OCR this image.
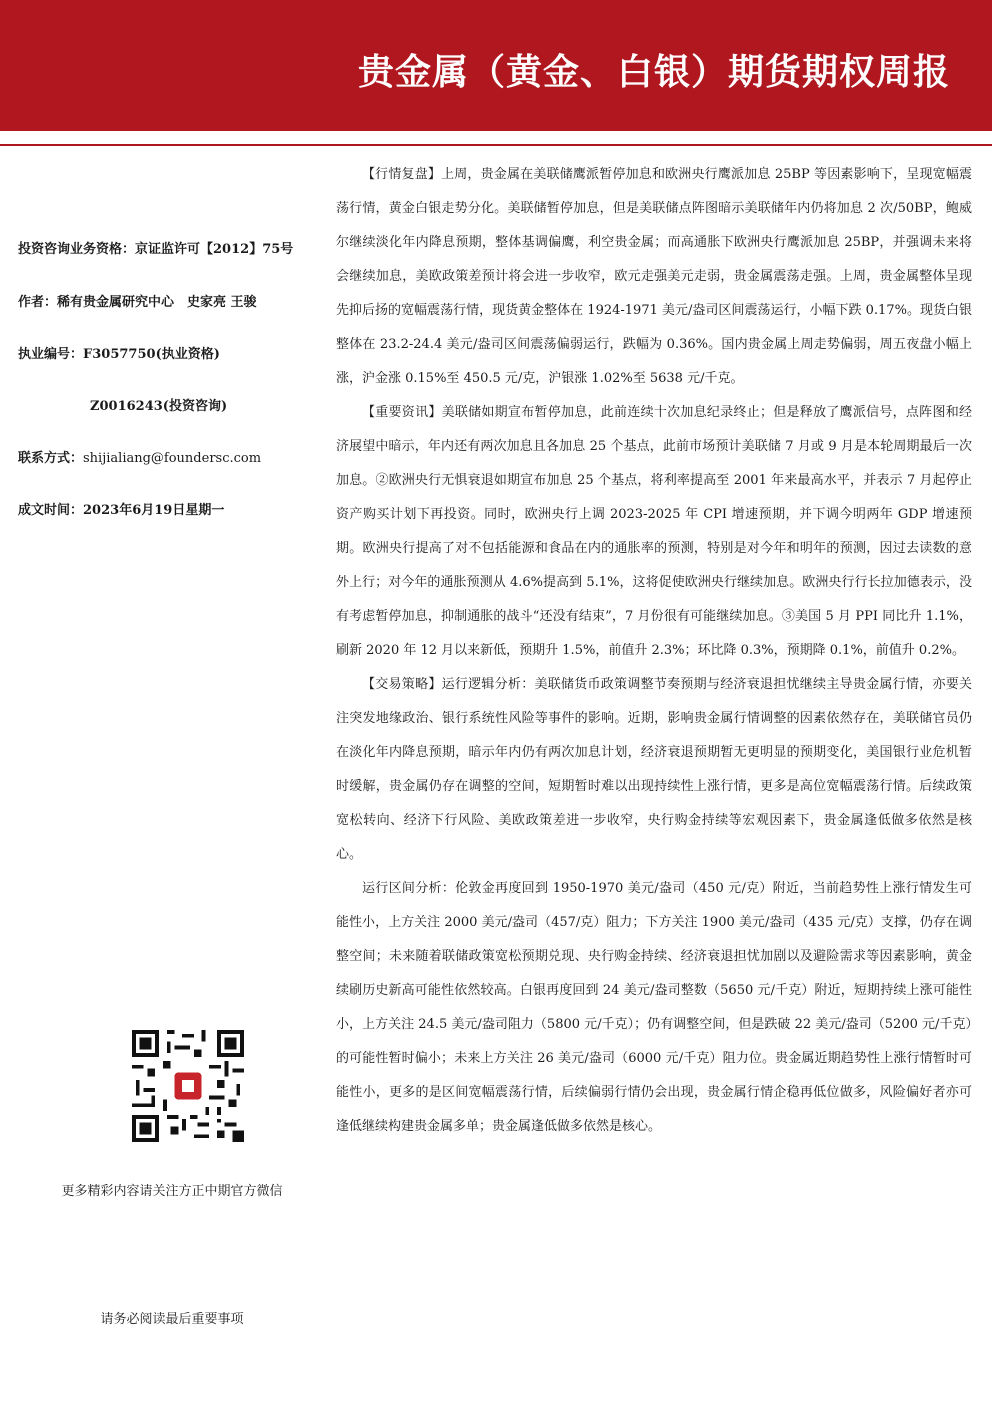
贵金属（黄金、白银）期货期权周报
投资咨询业务资格：京证监许可【2012】75号
作者：稀有贵金属研究中心　史家亮 王骏
执业编号：F3057750(执业资格)
Z0016243(投资咨询)
联系方式：shijialiang@foundersc.com
成文时间：2023年6月19日星期一
更多精彩内容请关注方正中期官方微信
请务必阅读最后重要事项

【行情复盘】上周，贵金属在美联储鹰派暂停加息和欧洲央行鹰派加息 25BP 等因素影响下，呈现宽幅震荡行情，黄金白银走势分化。美联储暂停加息，但是美联储点阵图暗示美联储年内仍将加息 2 次/50BP，鲍威尔继续淡化年内降息预期，整体基调偏鹰，利空贵金属；而高通胀下欧洲央行鹰派加息 25BP，并强调未来将会继续加息，美欧政策差预计将会进一步收窄，欧元走强美元走弱，贵金属震荡走强。上周，贵金属整体呈现先抑后扬的宽幅震荡行情，现货黄金整体在 1924-1971 美元/盎司区间震荡运行，小幅下跌 0.17%。现货白银整体在 23.2-24.4 美元/盎司区间震荡偏弱运行，跌幅为 0.36%。国内贵金属上周走势偏弱，周五夜盘小幅上涨，沪金涨 0.15%至 450.5 元/克，沪银涨 1.02%至 5638 元/千克。

【重要资讯】美联储如期宣布暂停加息，此前连续十次加息纪录终止；但是释放了鹰派信号，点阵图和经济展望中暗示，年内还有两次加息且各加息 25 个基点，此前市场预计美联储 7 月或 9 月是本轮周期最后一次加息。②欧洲央行无惧衰退如期宣布加息 25 个基点，将利率提高至 2001 年来最高水平，并表示 7 月起停止资产购买计划下再投资。同时，欧洲央行上调 2023-2025 年 CPI 增速预期，并下调今明两年 GDP 增速预期。欧洲央行提高了对不包括能源和食品在内的通胀率的预测，特别是对今年和明年的预测，因过去读数的意外上行；对今年的通胀预测从 4.6%提高到 5.1%，这将促使欧洲央行继续加息。欧洲央行行长拉加德表示，没有考虑暂停加息，抑制通胀的战斗“还没有结束”，7 月份很有可能继续加息。③美国 5 月 PPI 同比升 1.1%，刷新 2020 年 12 月以来新低，预期升 1.5%，前值升 2.3%；环比降 0.3%，预期降 0.1%，前值升 0.2%。

【交易策略】运行逻辑分析：美联储货币政策调整节奏预期与经济衰退担忧继续主导贵金属行情，亦要关注突发地缘政治、银行系统性风险等事件的影响。近期，影响贵金属行情调整的因素依然存在，美联储官员仍在淡化年内降息预期，暗示年内仍有两次加息计划，经济衰退预期暂无更明显的预期变化，美国银行业危机暂时缓解，贵金属仍存在调整的空间，短期暂时难以出现持续性上涨行情，更多是高位宽幅震荡行情。后续政策宽松转向、经济下行风险、美欧政策差进一步收窄，央行购金持续等宏观因素下，贵金属逢低做多依然是核心。

运行区间分析：伦敦金再度回到 1950-1970 美元/盎司（450 元/克）附近，当前趋势性上涨行情发生可能性小，上方关注 2000 美元/盎司（457/克）阻力；下方关注 1900 美元/盎司（435 元/克）支撑，仍存在调整空间；未来随着联储政策宽松预期兑现、央行购金持续、经济衰退担忧加剧以及避险需求等因素影响，黄金续刷历史新高可能性依然较高。白银再度回到 24 美元/盎司整数（5650 元/千克）附近，短期持续上涨可能性小，上方关注 24.5 美元/盎司阻力（5800 元/千克）；仍有调整空间，但是跌破 22 美元/盎司（5200 元/千克）的可能性暂时偏小；未来上方关注 26 美元/盎司（6000 元/千克）阻力位。贵金属近期趋势性上涨行情暂时可能性小，更多的是区间宽幅震荡行情，后续偏弱行情仍会出现，贵金属行情企稳再低位做多，风险偏好者亦可逢低继续构建贵金属多单；贵金属逢低做多依然是核心。
